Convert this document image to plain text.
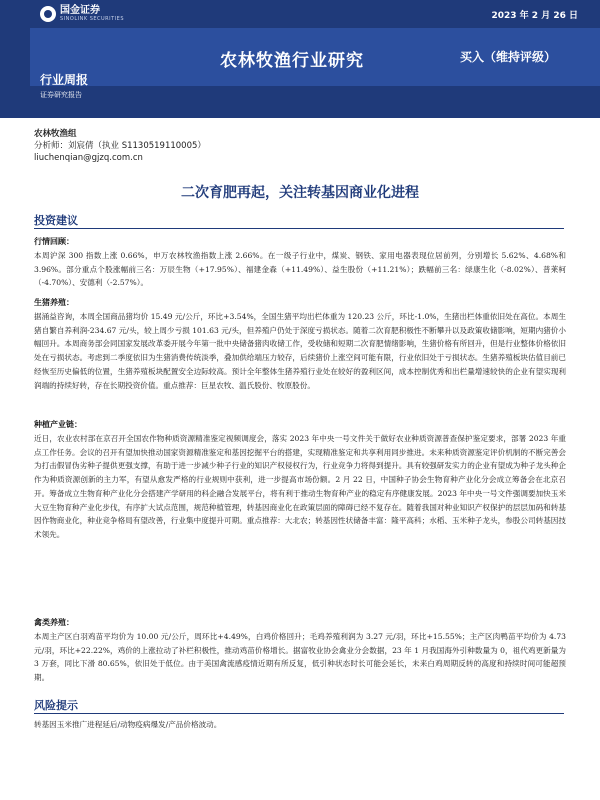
国金证券
SINOLINK SECURITIES	2023 年 2 月 26 日
农林牧渔行业研究	买入（维持评级）
行业周报
证券研究报告
农林牧渔组
分析师：刘宸倩（执业 S1130519110005）
liuchenqian@gjzq.com.cn
二次育肥再起，关注转基因商业化进程
投资建议
行情回顾：

本周沪深 300 指数上涨 0.66%，申万农林牧渔指数上涨 2.66%。在一级子行业中，煤炭、钢铁、家用电器表现位居前列，分别增长 5.62%、4.68%和 3.96%。部分重点个股涨幅前三名：万辰生物（+17.95%）、福建金森（+11.49%）、益生股份（+11.21%）；跌幅前三名：绿康生化（-8.02%）、普莱柯（-4.70%）、安德利（-2.57%）。

生猪养殖：

据涌益咨询，本周全国商品猪均价 15.49 元/公斤，环比+3.54%，全国生猪平均出栏体重为 120.23 公斤，环比-1.0%，生猪出栏体重依旧处在高位。本周生猪自繁自养利润-234.67 元/头，较上周少亏损 101.63 元/头，但养殖户仍处于深度亏损状态。随着二次育肥积极性不断攀升以及政策收储影响，短期内猪价小幅回升。本周商务部会同国家发展改革委开展今年第一批中央储备猪肉收储工作，受收储和短期二次育肥情绪影响，生猪价格有所回升，但是行业整体价格依旧处在亏损状态。考虑到二季度依旧为生猪消费传统淡季，叠加供给端压力较存，后续猪价上涨空间可能有限，行业依旧处于亏损状态。生猪养殖板块估值目前已经恢至历史偏低的位置，生猪养殖板块配置安全边际较高。预计全年整体生猪养殖行业处在较好的盈利区间，成本控制优秀和出栏量增速较快的企业有望实现利润端的持续好转，存在长期投资价值。重点推荐：巨星农牧、温氏股份、牧原股份。

种植产业链：

近日，农业农村部在京召开全国农作物种质资源精准鉴定视频调度会，落实 2023 年中央一号文件关于做好农业种质资源普查保护鉴定要求，部署 2023 年重点工作任务。会议的召开有望加快推动国家资源精准鉴定和基因挖掘平台的搭建，实现精准鉴定和共享利用同步推进。未来种质资源鉴定评价机制的不断完善会为打击假冒伪劣种子提供更强支撑，有助于进一步减少种子行业的知识产权侵权行为，行业竞争力将得到提升。具有较强研发实力的企业有望成为种子龙头种企作为种质资源创新的主力军，有望从愈发严格的行业规则中获利，进一步提高市场份额。2 月 22 日，中国种子协会生物育种产业化分会成立筹备会在北京召开。筹备成立生物育种产业化分会搭建产学研用的科企融合发展平台，将有利于推动生物育种产业的稳定有序健康发展。2023 年中央一号文件强调要加快玉米大豆生物育种产业化步伐，有序扩大试点范围，规范种植管理，转基因商业化在政策层面的障碍已经不复存在。随着我国对种业知识产权保护的层层加码和转基因作物商业化，种业竞争格局有望改善，行业集中度提升可期。重点推荐：大北农；转基因性状储备丰富：隆平高科；水稻、玉米种子龙头，参股公司转基因技术领先。

禽类养殖：

本周主产区白羽鸡苗平均价为 10.00 元/公斤，周环比+4.49%，白鸡价格回升；毛鸡养殖利润为 3.27 元/羽，环比+15.55%；主产区肉鸭苗平均价为 4.73 元/羽，环比+22.22%，鸡价的上涨拉动了补栏积极性，推动鸡苗价格增长。据富牧业协会禽业分会数据，23 年 1 月我国海外引种数量为 0，祖代鸡更新量为 3 万套，同比下滑 80.65%，依旧处于低位。由于美国禽流感疫情近期有所反复，低引种状态时长可能会延长，未来白鸡周期反转的高度和持续时间可能超预期。

风险提示

转基因玉米推广进程延后/动物疫病爆发/产品价格波动。
